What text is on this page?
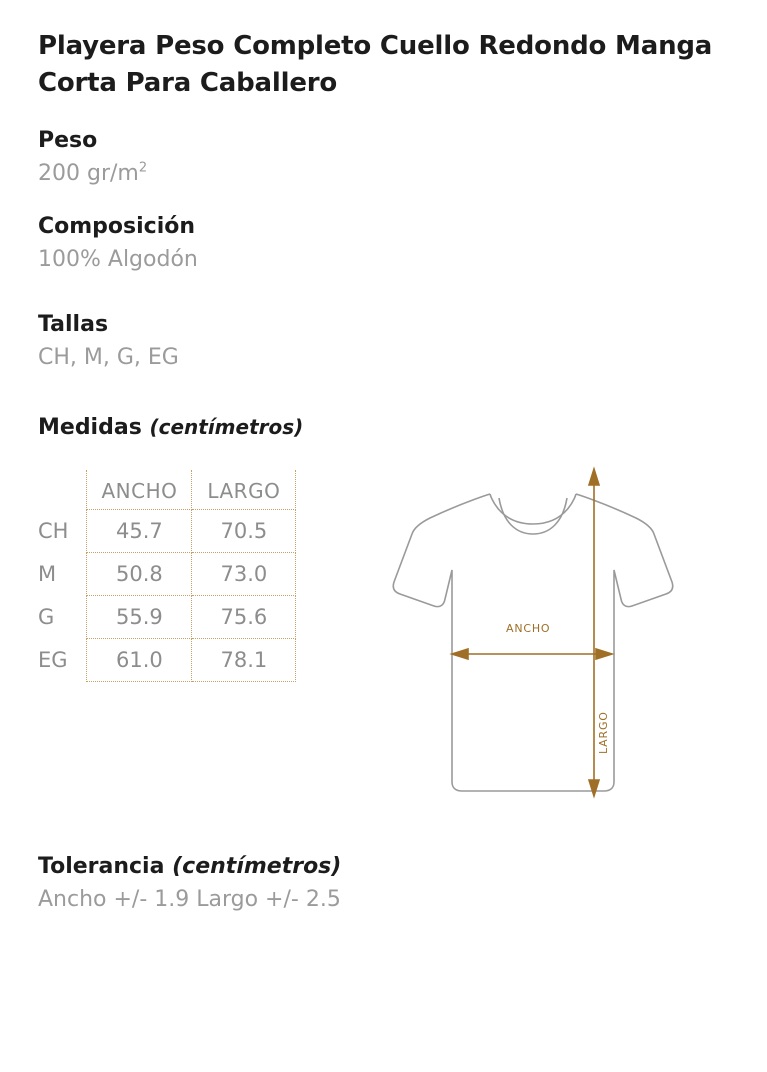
Playera Peso Completo Cuello Redondo Manga Corta Para Caballero
Peso
200 $gr/m^2$
Composición
100% Algodón
Tallas
CH, M, G, EG
Medidas (centímetros)
	ANCHO	LARGO
CH	45.7	70.5
M	50.8	73.0
G	55.9	75.6
EG	61.0	78.1
ANCHO
LARGO
Tolerancia (centímetros)
Ancho +/- 1.9 Largo +/- 2.5
